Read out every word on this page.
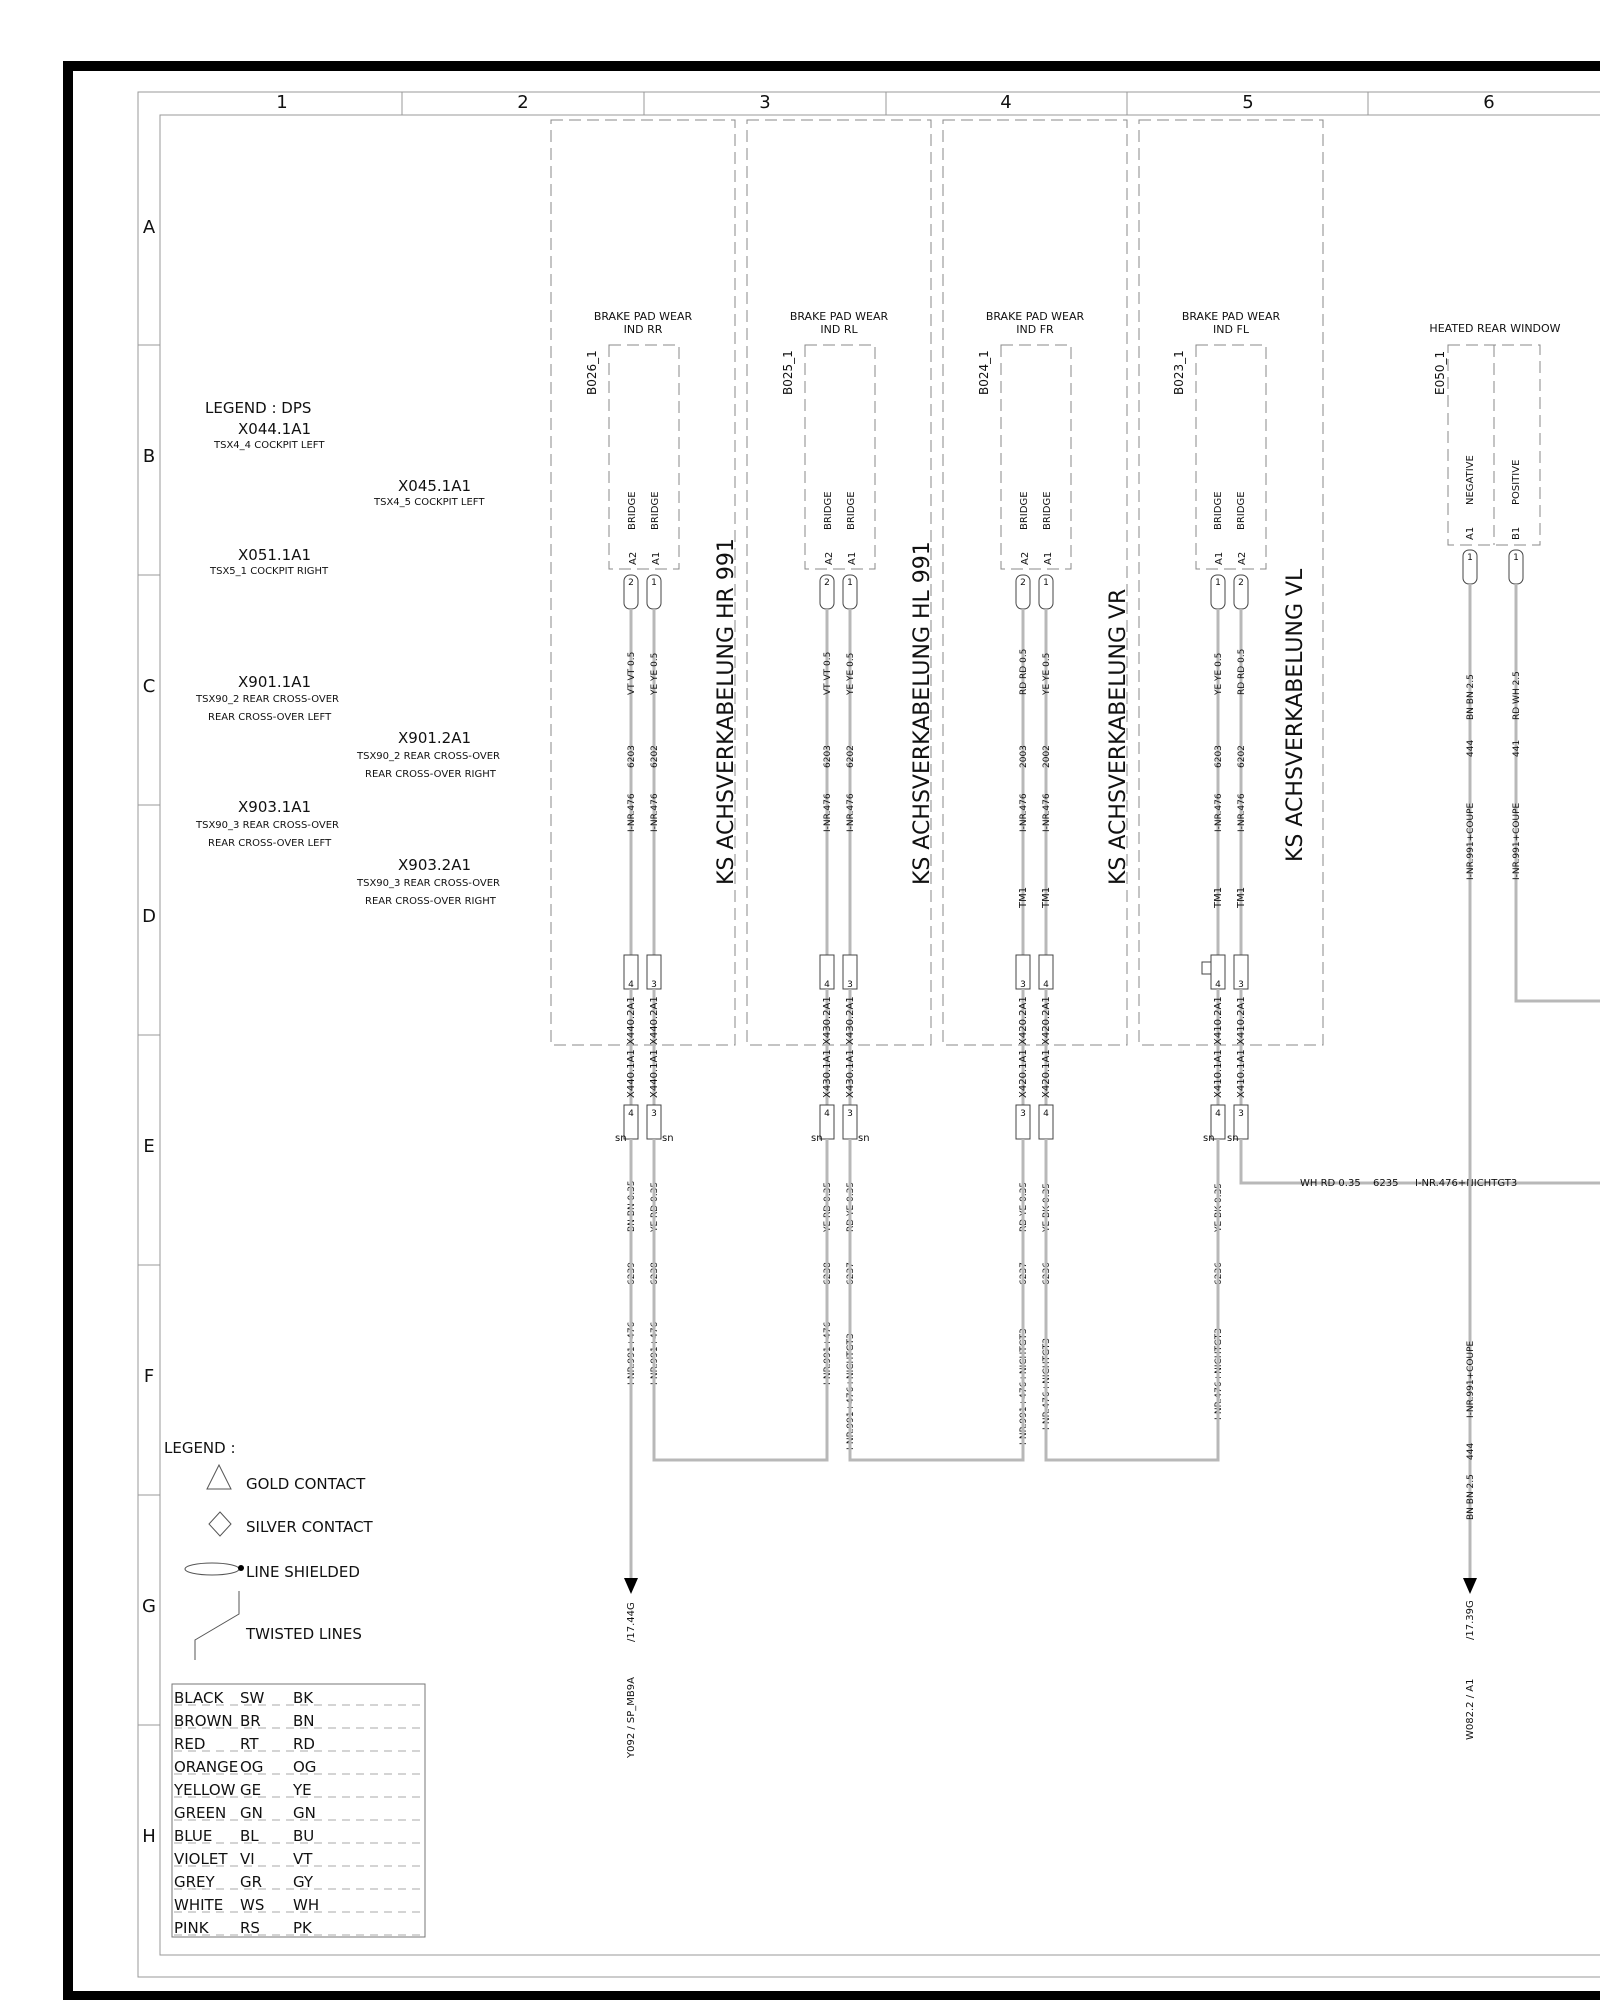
1	2	3	4	5	6
A
B
C
D
E
F
G
H
LEGEND : DPS
X044.1A1
TSX4_4 COCKPIT LEFT
X045.1A1
TSX4_5 COCKPIT LEFT
X051.1A1
TSX5_1 COCKPIT RIGHT
X901.1A1
TSX90_2 REAR CROSS-OVER
REAR CROSS-OVER LEFT
X901.2A1
TSX90_2 REAR CROSS-OVER
REAR CROSS-OVER RIGHT
X903.1A1
TSX90_3 REAR CROSS-OVER
REAR CROSS-OVER LEFT
X903.2A1
TSX90_3 REAR CROSS-OVER
REAR CROSS-OVER RIGHT
BRAKE PAD WEAR
IND RR
B026_1
BRIDGE BRIDGE
A2 A1
2 1
VT VT 0.5 YE YE 0.5
6203 6202
I-NR.476 I-NR.476 KS ACHSVERKABELUNG HR 991
4 3
X440.2A1 X440.2A1
X440.1A1 X440.1A1
4 3
sn	sn
BN BN 0.35 YE RD 0.35
6239 6238
I-NR.991+476 I-NR.991+476
BRAKE PAD WEAR
IND RL
B025_1
BRIDGE BRIDGE
A2 A1
2 1
VT VT 0.5 YE YE 0.5
6203 6202
I-NR.476 I-NR.476 KS ACHSVERKABELUNG HL 991
4 3
X430.2A1 X430.2A1
X430.1A1 X430.1A1
4 3
sn	sn
YE RD 0.35 RD YE 0.35
6238 6237
I-NR.991+476 I-NR.991+476+NICHTGT3
BRAKE PAD WEAR
IND FR
B024_1
BRIDGE BRIDGE
A2 A1
2 1
RD RD 0.5 YE YE 0.5
2003 2002
I-NR.476 I-NR.476
TM1 TM1
KS ACHSVERKABELUNG VR
3 4
X420.2A1 X420.2A1
X420.1A1 X420.1A1
3 4
RD YE 0.35 YE BK 0.35
6237 6236
I-NR.991+476+NICHTGT3 I-NR.476+NICHTGT3
BRAKE PAD WEAR
IND FL
B023_1
BRIDGE BRIDGE
A1 A2
1 2
YE YE 0.5 RD RD 0.5
6203 6202
I-NR.476 I-NR.476
TM1 TM1
KS ACHSVERKABELUNG VL
4 3
X410.2A1 X410.2A1
X410.1A1 X410.1A1
4 3
sn sn
YE BK 0.35
6236
I-NR.476+NICHTGT3
WH RD 0.35 6235 I-NR.476+NICHTGT3
/17.44G
Y092 / SP_MB9A
HEATED REAR WINDOW
E050_1
NEGATIVE	POSITIVE
A1	B1
1	1
BN BN 2.5	RD WH 2.5
444	441
I-NR.991+COUPE	I-NR.991+COUPE
I-NR.991+COUPE
444
BN BN 2.5
/17.39G
W082.2 / A1
LEGEND :
GOLD CONTACT
SILVER CONTACT
LINE SHIELDED
TWISTED LINES
BLACK SW BK
BROWN BR BN
RED RT RD
ORANGE OG OG
YELLOW GE YE
GREEN GN GN
BLUE BL BU
VIOLET VI	VT
GREY GR GY
WHITE WS WH
PINK RS PK
